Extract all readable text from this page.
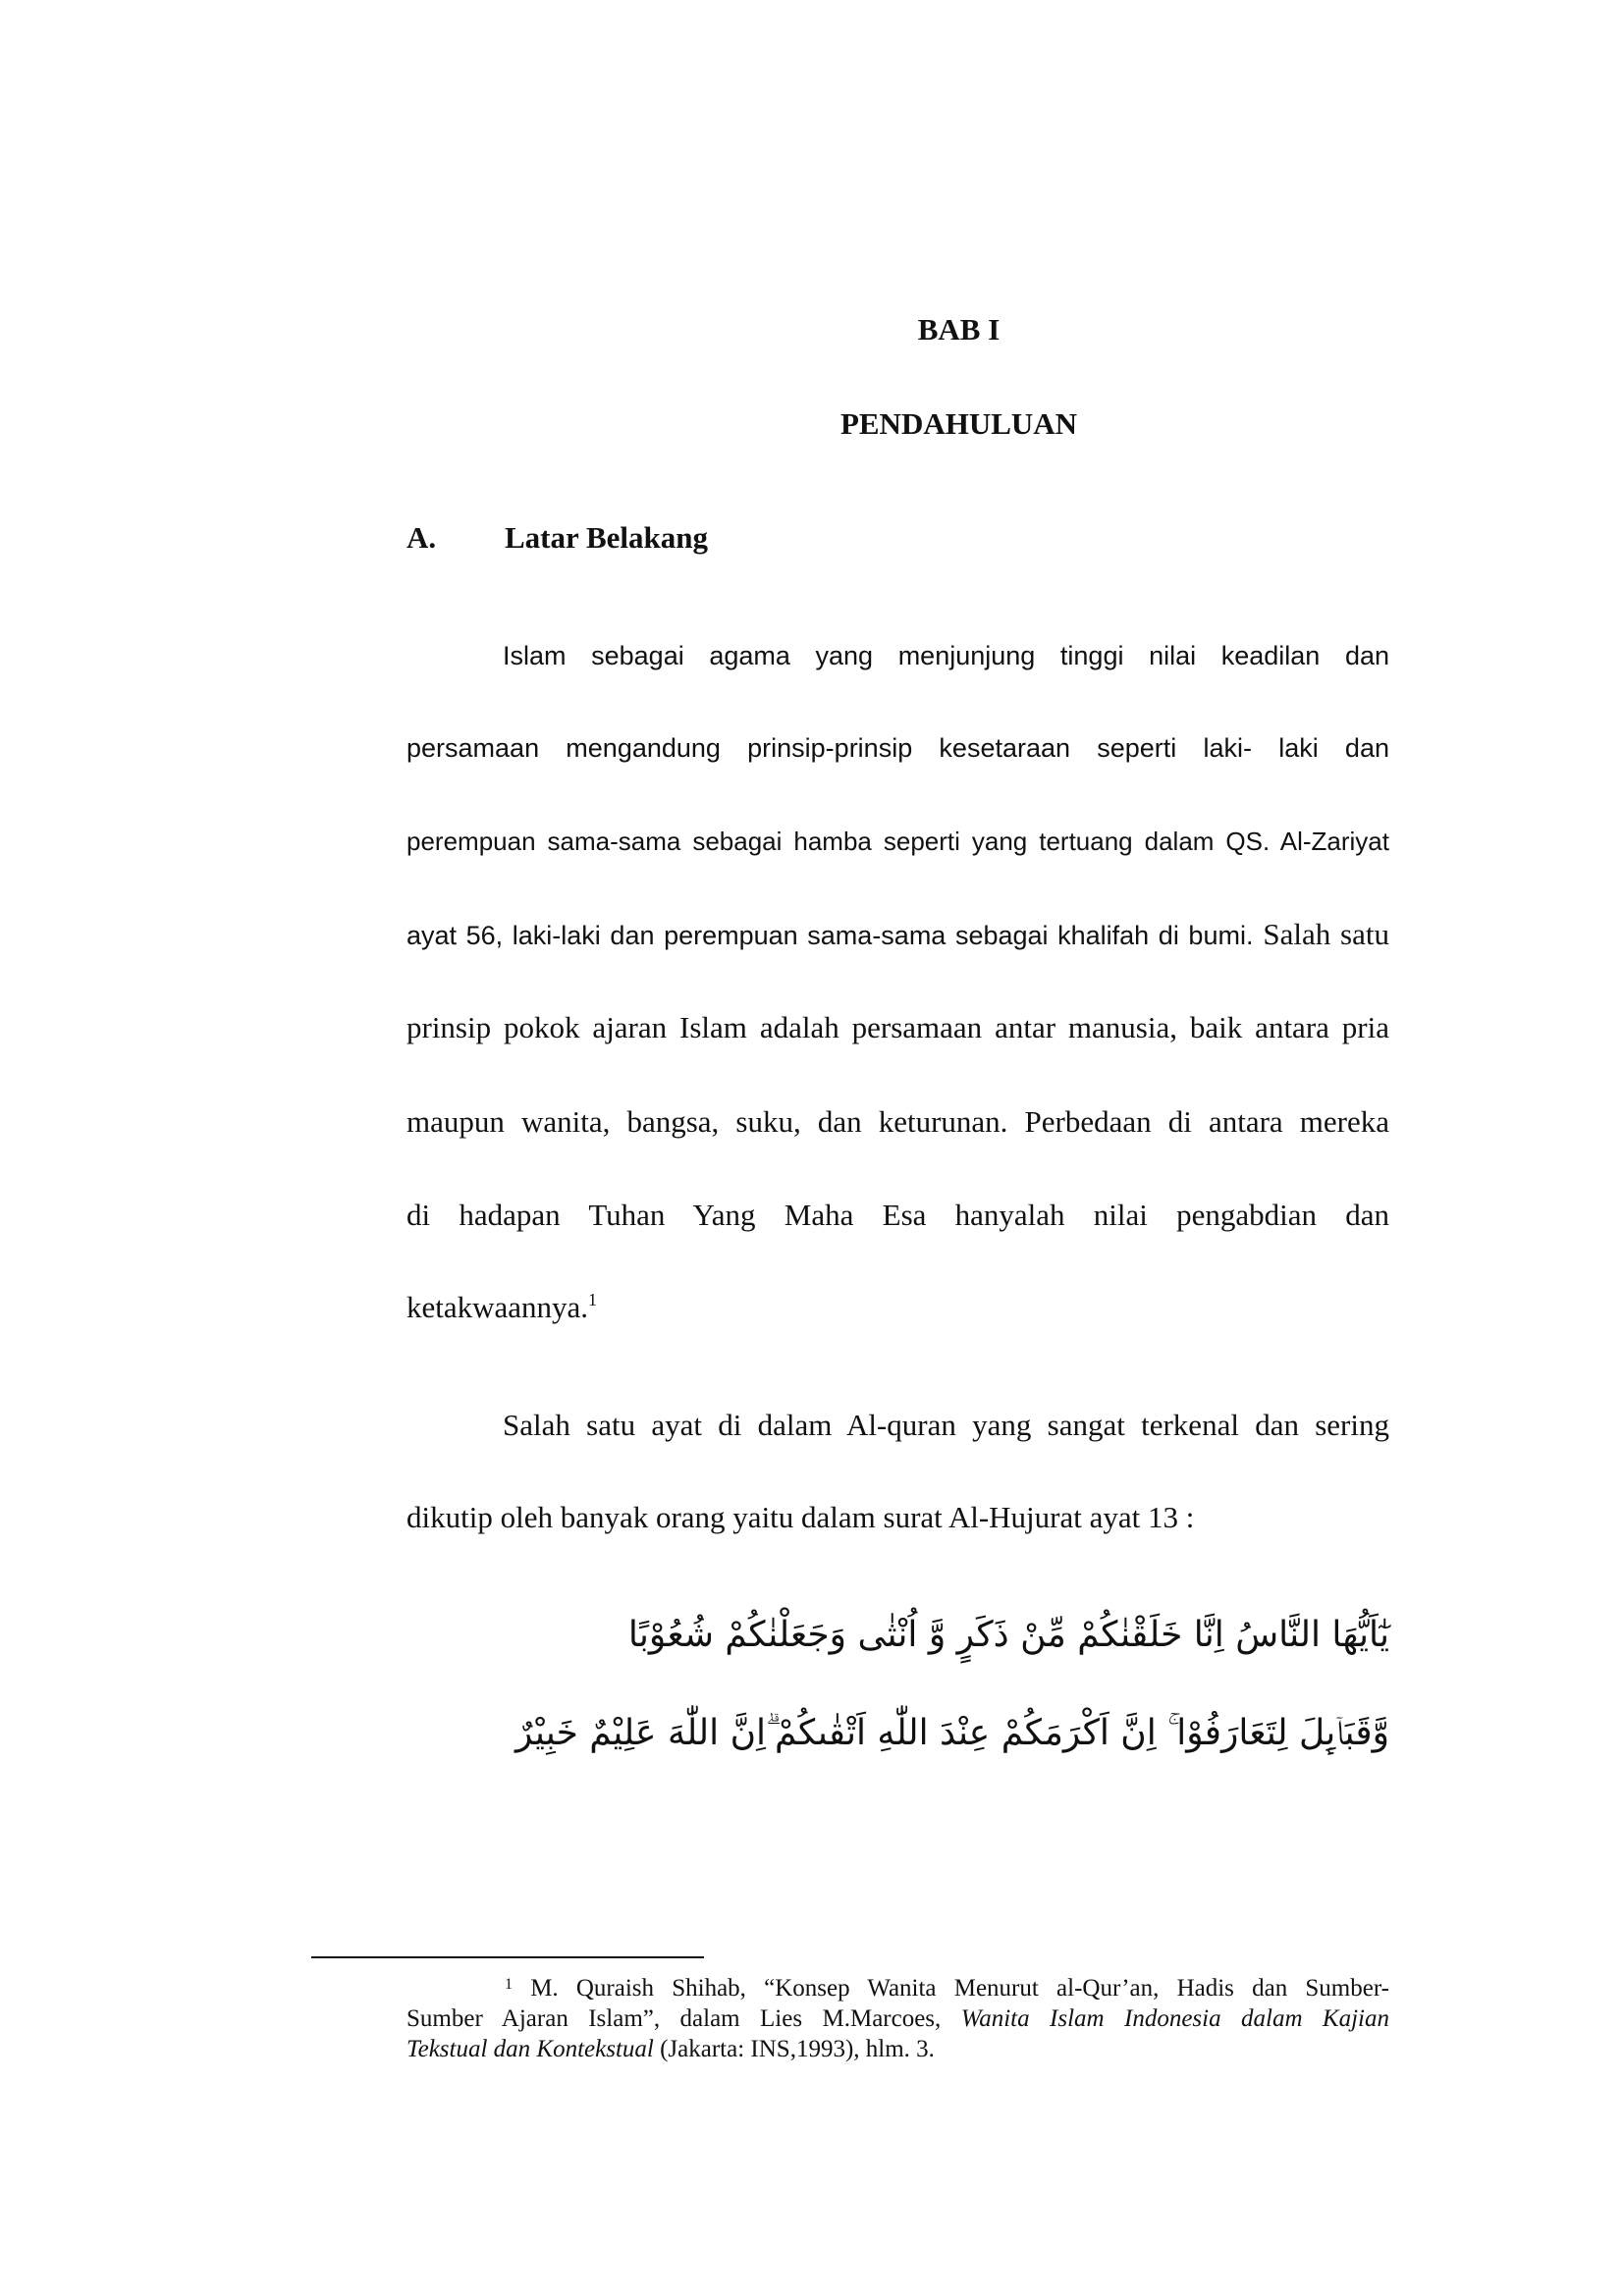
BAB I
PENDAHULUAN
A. Latar Belakang
Islam sebagai agama yang menjunjung tinggi nilai keadilan dan
persamaan mengandung prinsip-prinsip kesetaraan seperti laki- laki dan
perempuan sama-sama sebagai hamba seperti yang tertuang dalam QS. Al-Zariyat
ayat 56, laki-laki dan perempuan sama-sama sebagai khalifah di bumi. Salah satu
prinsip pokok ajaran Islam adalah persamaan antar manusia, baik antara pria
maupun wanita, bangsa, suku, dan keturunan. Perbedaan di antara mereka
di hadapan Tuhan Yang Maha Esa hanyalah nilai pengabdian dan
ketakwaannya.$^1$
Salah satu ayat di dalam Al-quran yang sangat terkenal dan sering
dikutip oleh banyak orang yaitu dalam surat Al-Hujurat ayat 13 :
يٰٓاَيُّهَا النَّاسُ اِنَّا خَلَقْنٰكُمْ مِّنْ ذَكَرٍ وَّ اُنْثٰى وَجَعَلْنٰكُمْ شُعُوْبًا
وَّقَبَاۤىِٕلَ لِتَعَارَفُوْا ۚ اِنَّ اَكْرَمَكُمْ عِنْدَ اللّٰهِ اَتْقٰىكُمْ ۗاِنَّ اللّٰهَ عَلِيْمٌ خَبِيْرٌ
$^1$ M. Quraish Shihab, “Konsep Wanita Menurut al-Qur’an, Hadis dan Sumber-
Sumber Ajaran Islam”, dalam Lies M.Marcoes, Wanita Islam Indonesia dalam Kajian
Tekstual dan Kontekstual (Jakarta: INS,1993), hlm. 3.
